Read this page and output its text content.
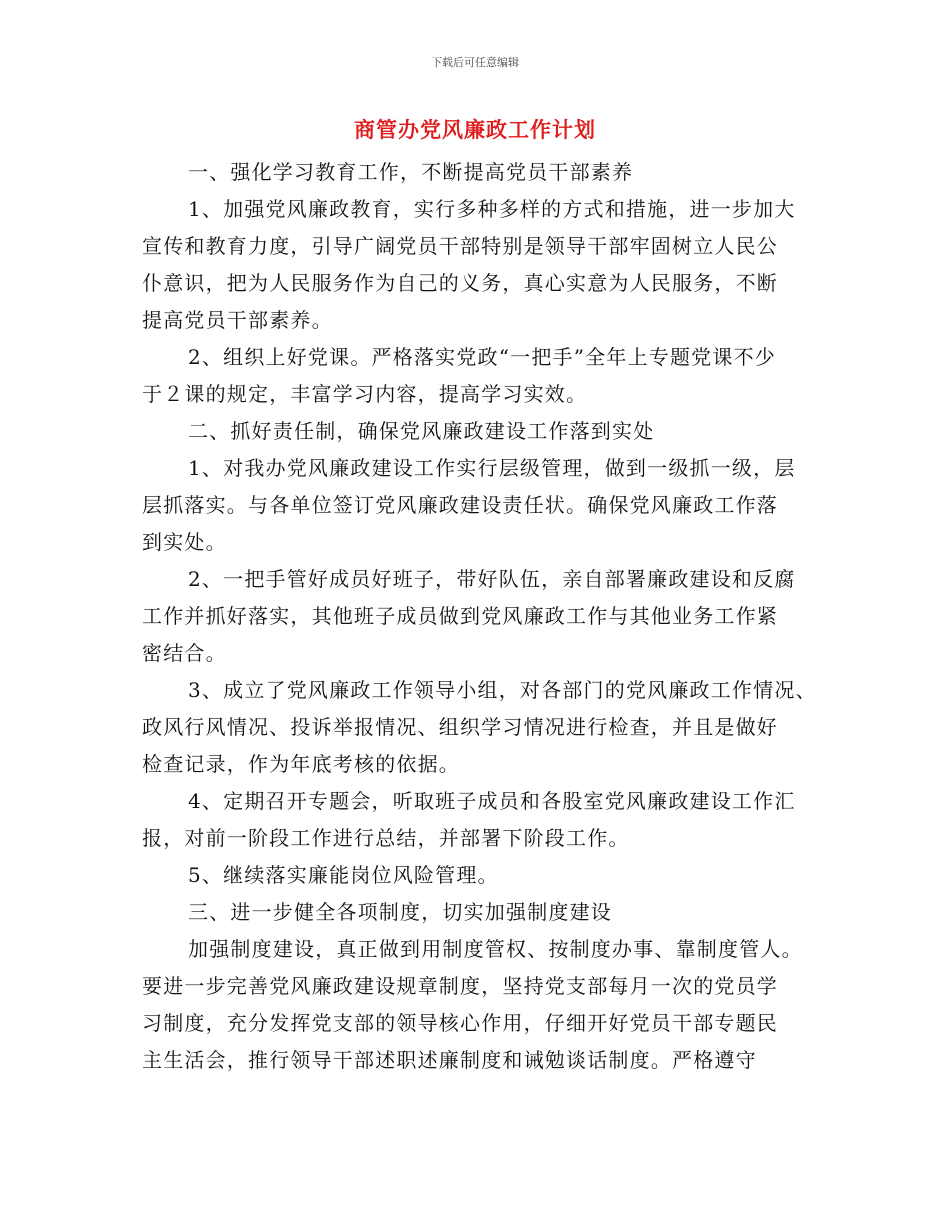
下载后可任意编辑
商管办党风廉政工作计划
一、强化学习教育工作，不断提高党员干部素养
1、加强党风廉政教育，实行多种多样的方式和措施，进一步加大
宣传和教育力度，引导广阔党员干部特别是领导干部牢固树立人民公
仆意识，把为人民服务作为自己的义务，真心实意为人民服务，不断
提高党员干部素养。
2、组织上好党课。严格落实党政“一把手”全年上专题党课不少
于２课的规定，丰富学习内容，提高学习实效。
二、抓好责任制，确保党风廉政建设工作落到实处
1、对我办党风廉政建设工作实行层级管理，做到一级抓一级，层
层抓落实。与各单位签订党风廉政建设责任状。确保党风廉政工作落
到实处。
2、一把手管好成员好班子，带好队伍，亲自部署廉政建设和反腐
工作并抓好落实，其他班子成员做到党风廉政工作与其他业务工作紧
密结合。
3、成立了党风廉政工作领导小组，对各部门的党风廉政工作情况、
政风行风情况、投诉举报情况、组织学习情况进行检查，并且是做好
检查记录，作为年底考核的依据。
4、定期召开专题会，听取班子成员和各股室党风廉政建设工作汇
报，对前一阶段工作进行总结，并部署下阶段工作。
5、继续落实廉能岗位风险管理。
三、进一步健全各项制度，切实加强制度建设
加强制度建设，真正做到用制度管权、按制度办事、靠制度管人。
要进一步完善党风廉政建设规章制度，坚持党支部每月一次的党员学
习制度，充分发挥党支部的领导核心作用，仔细开好党员干部专题民
主生活会，推行领导干部述职述廉制度和诫勉谈话制度。严格遵守
